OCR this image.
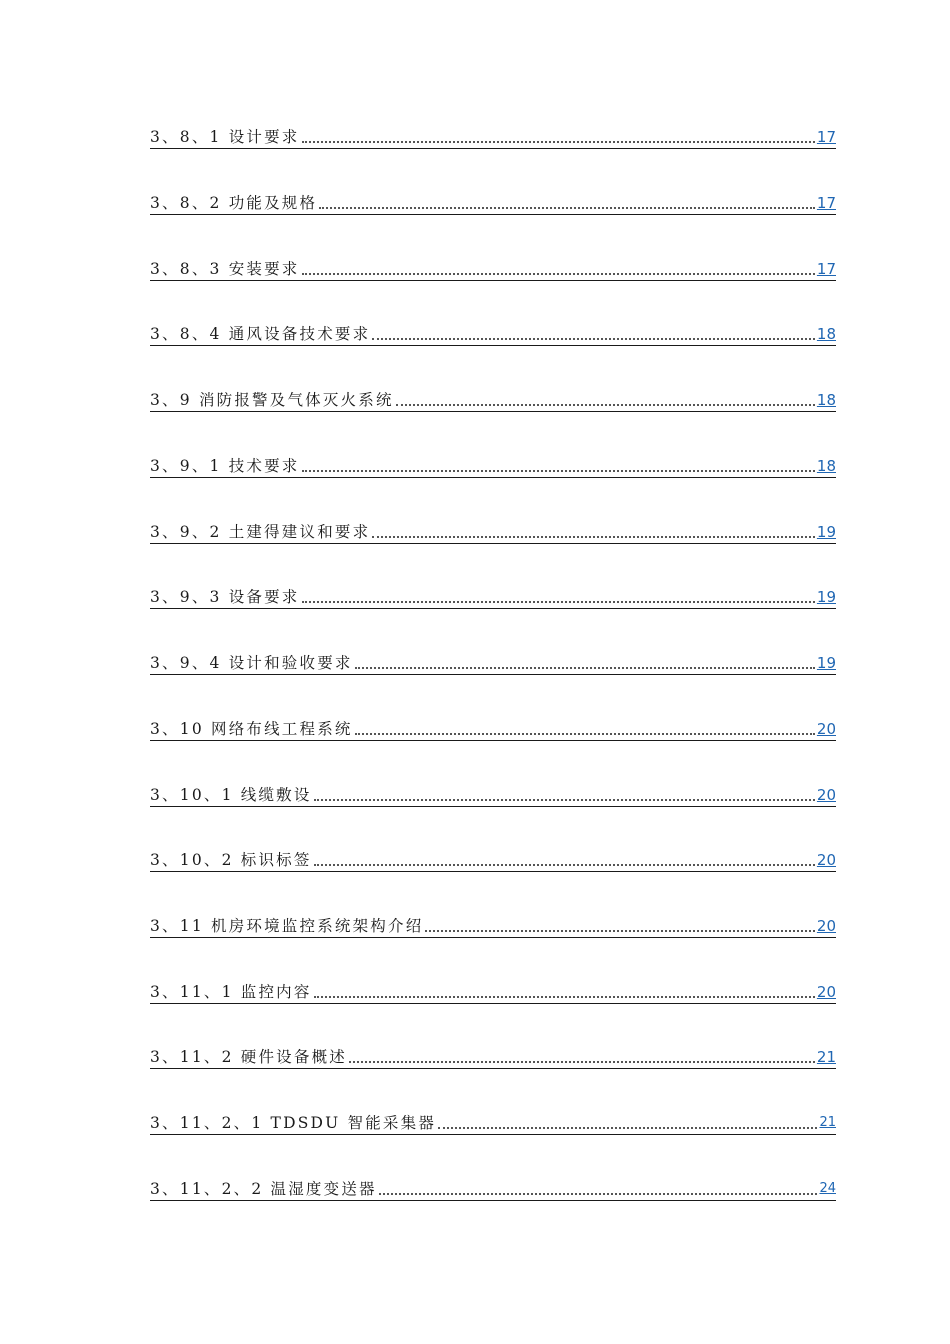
3、8、1 设计要求	17
3、8、2 功能及规格	17
3、8、3 安装要求	17
3、8、4 通风设备技术要求	18
3、9 消防报警及气体灭火系统	18
3、9、1 技术要求	18
3、9、2 土建得建议和要求	19
3、9、3 设备要求	19
3、9、4 设计和验收要求	19
3、10 网络布线工程系统	20
3、10、1 线缆敷设	20
3、10、2 标识标签	20
3、11 机房环境监控系统架构介绍	20
3、11、1 监控内容	20
3、11、2 硬件设备概述	21
3、11、2、1 TDSDU 智能采集器	21
3、11、2、2 温湿度变送器	24
